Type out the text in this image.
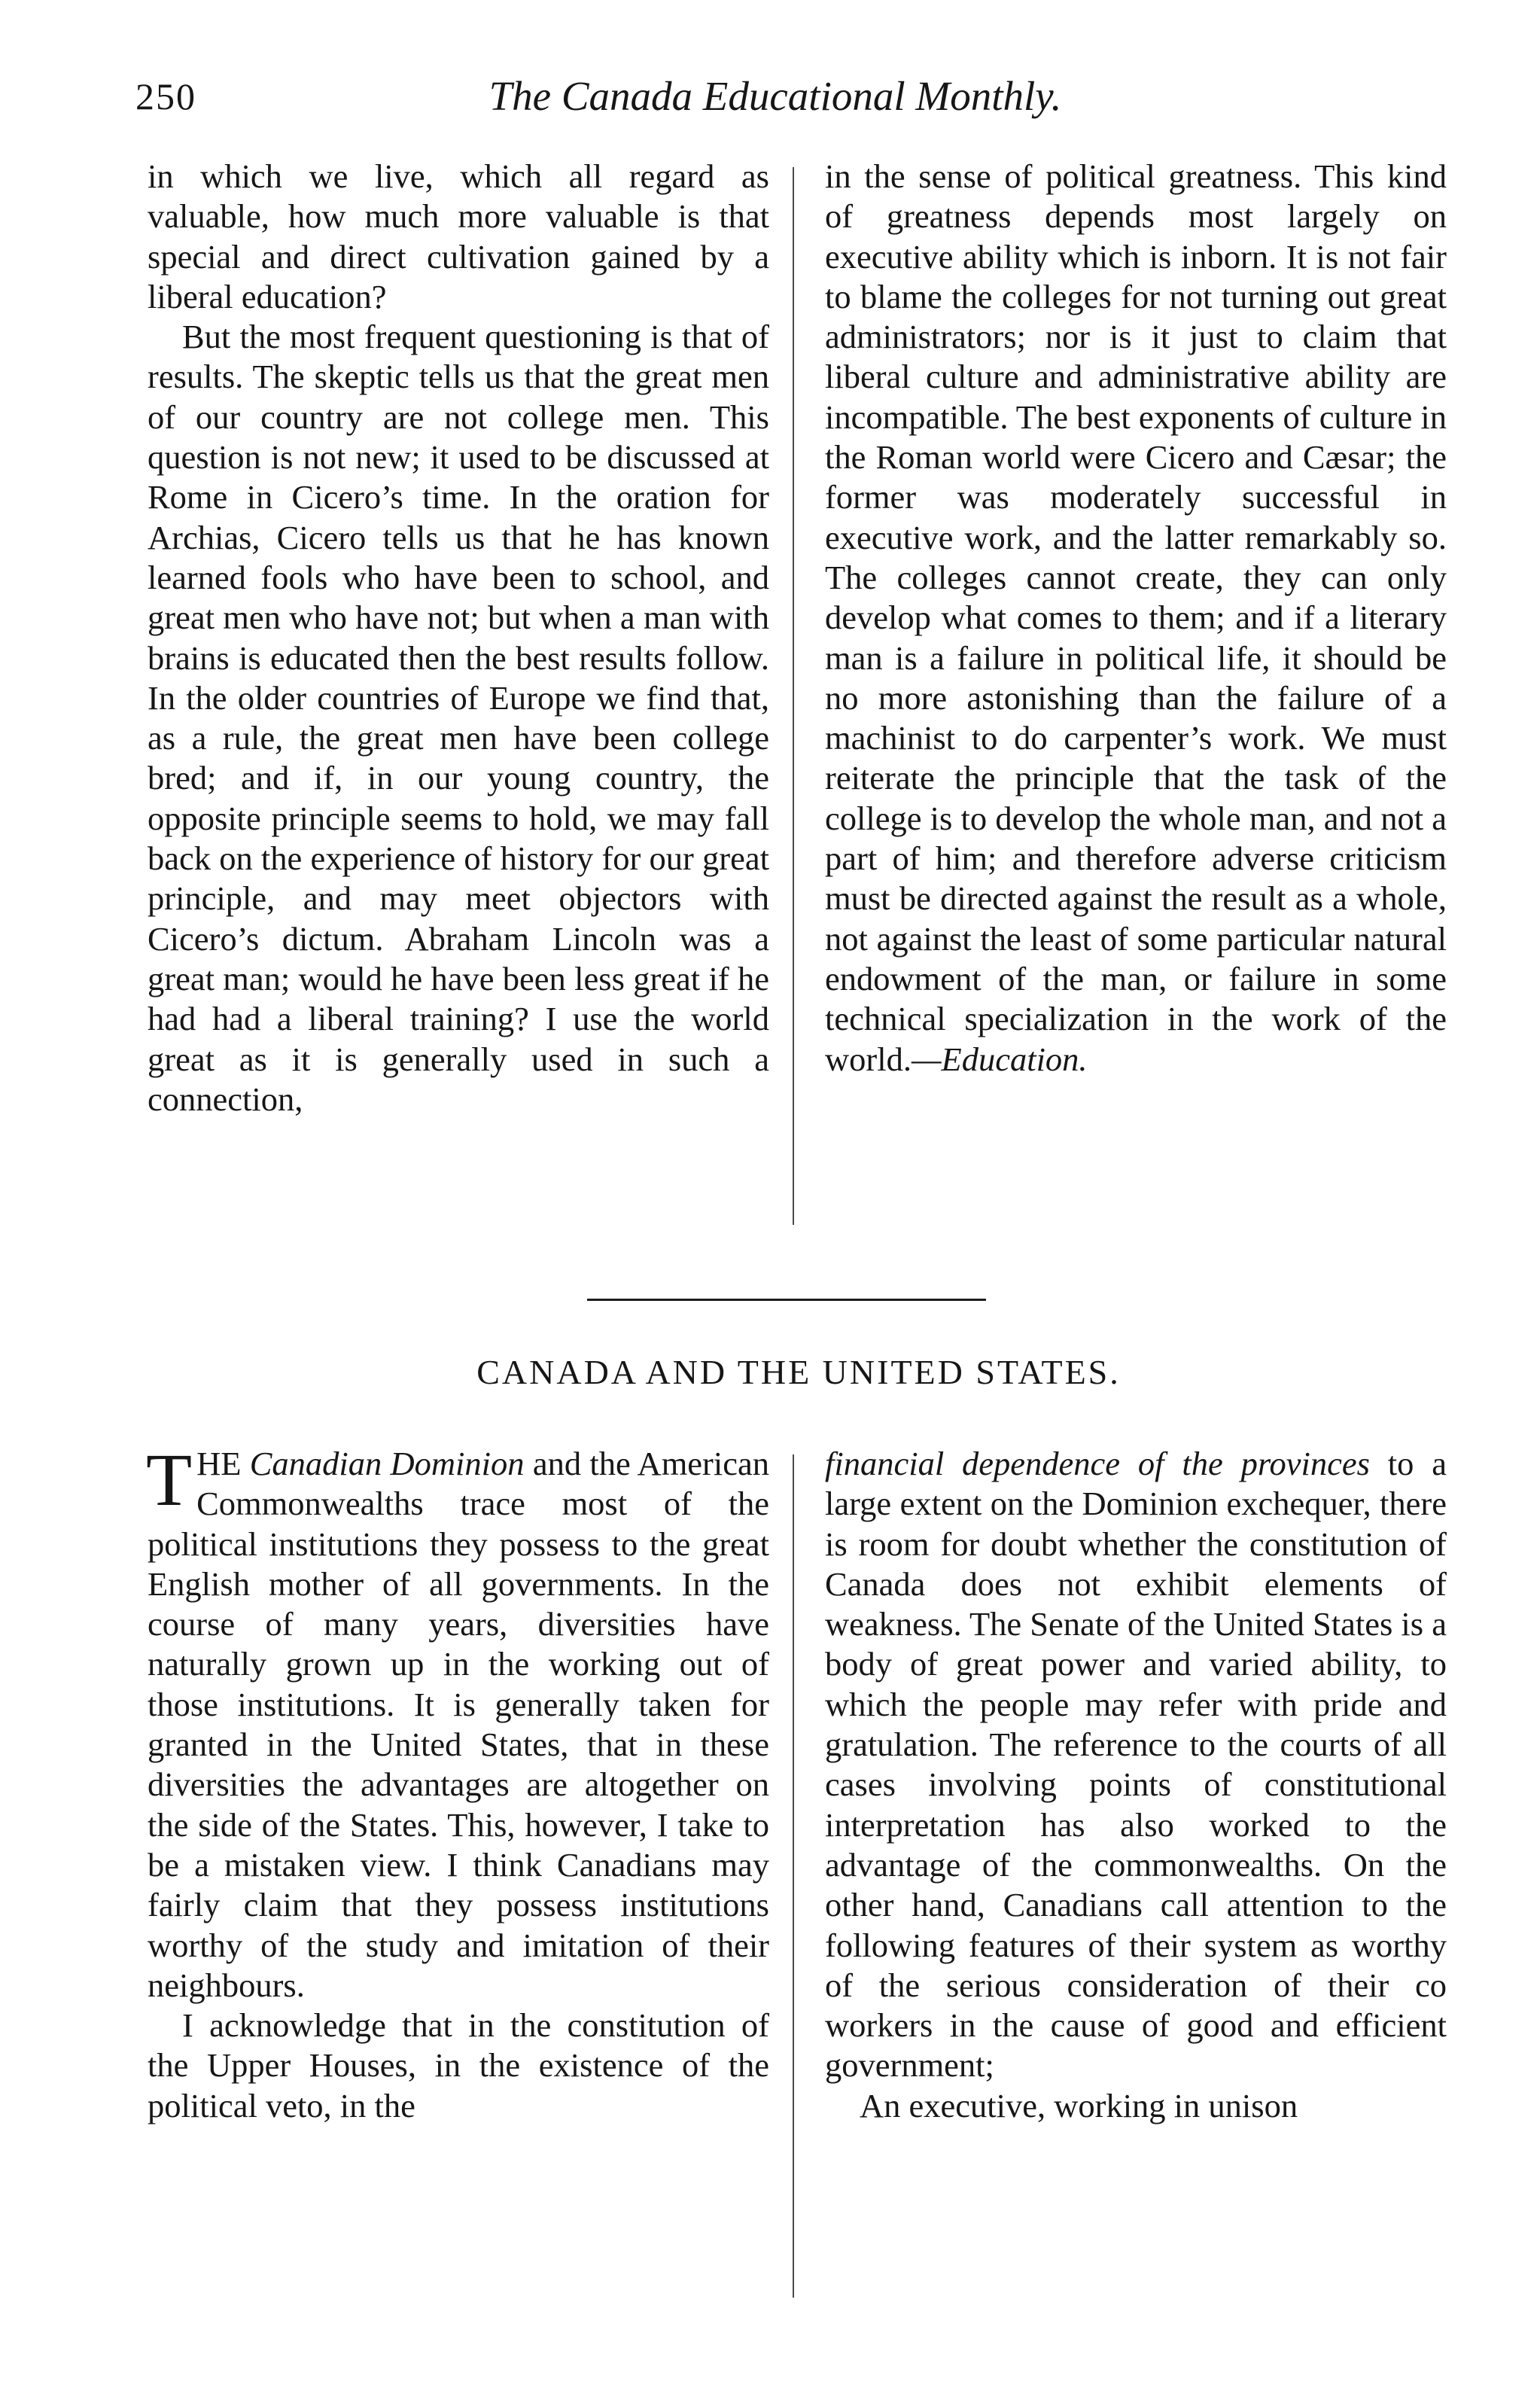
250	The Canada Educational Monthly.

in which we live, which all regard as valuable, how much more valuable is that special and direct cultivation gained by a liberal education?

But the most frequent questioning is that of results. The skeptic tells us that the great men of our country are not college men. This question is not new; it used to be discussed at Rome in Cicero’s time. In the oration for Archias, Cicero tells us that he has known learned fools who have been to school, and great men who have not; but when a man with brains is educated then the best results follow. In the older countries of Europe we find that, as a rule, the great men have been college bred; and if, in our young country, the opposite principle seems to hold, we may fall back on the experience of history for our great principle, and may meet objectors with Cicero’s dictum. Abraham Lincoln was a great man; would he have been less great if he had had a liberal training? I use the world great as it is generally used in such a connection,

in the sense of political greatness. This kind of greatness depends most largely on executive ability which is inborn. It is not fair to blame the colleges for not turning out great administrators; nor is it just to claim that liberal culture and administrative ability are incompatible. The best exponents of culture in the Roman world were Cicero and Cæsar; the former was moderately successful in executive work, and the latter remarkably so. The colleges cannot create, they can only develop what comes to them; and if a literary man is a failure in political life, it should be no more astonishing than the failure of a machinist to do carpenter’s work. We must reiterate the principle that the task of the college is to develop the whole man, and not a part of him; and therefore adverse criticism must be directed against the result as a whole, not against the least of some particular natural endowment of the man, or failure in some technical specialization in the work of the world.—Education.

CANADA AND THE UNITED STATES.

THE Canadian Dominion and the American Commonwealths trace most of the political institutions they possess to the great English mother of all governments. In the course of many years, diversities have naturally grown up in the working out of those institutions. It is generally taken for granted in the United States, that in these diversities the advantages are altogether on the side of the States. This, however, I take to be a mistaken view. I think Canadians may fairly claim that they possess institutions worthy of the study and imitation of their neighbours.

I acknowledge that in the constitution of the Upper Houses, in the existence of the political veto, in the

financial dependence of the provinces to a large extent on the Dominion exchequer, there is room for doubt whether the constitution of Canada does not exhibit elements of weakness. The Senate of the United States is a body of great power and varied ability, to which the people may refer with pride and gratulation. The reference to the courts of all cases involving points of constitutional interpretation has also worked to the advantage of the commonwealths. On the other hand, Canadians call attention to the following features of their system as worthy of the serious consideration of their co workers in the cause of good and efficient government;

An executive, working in unison
